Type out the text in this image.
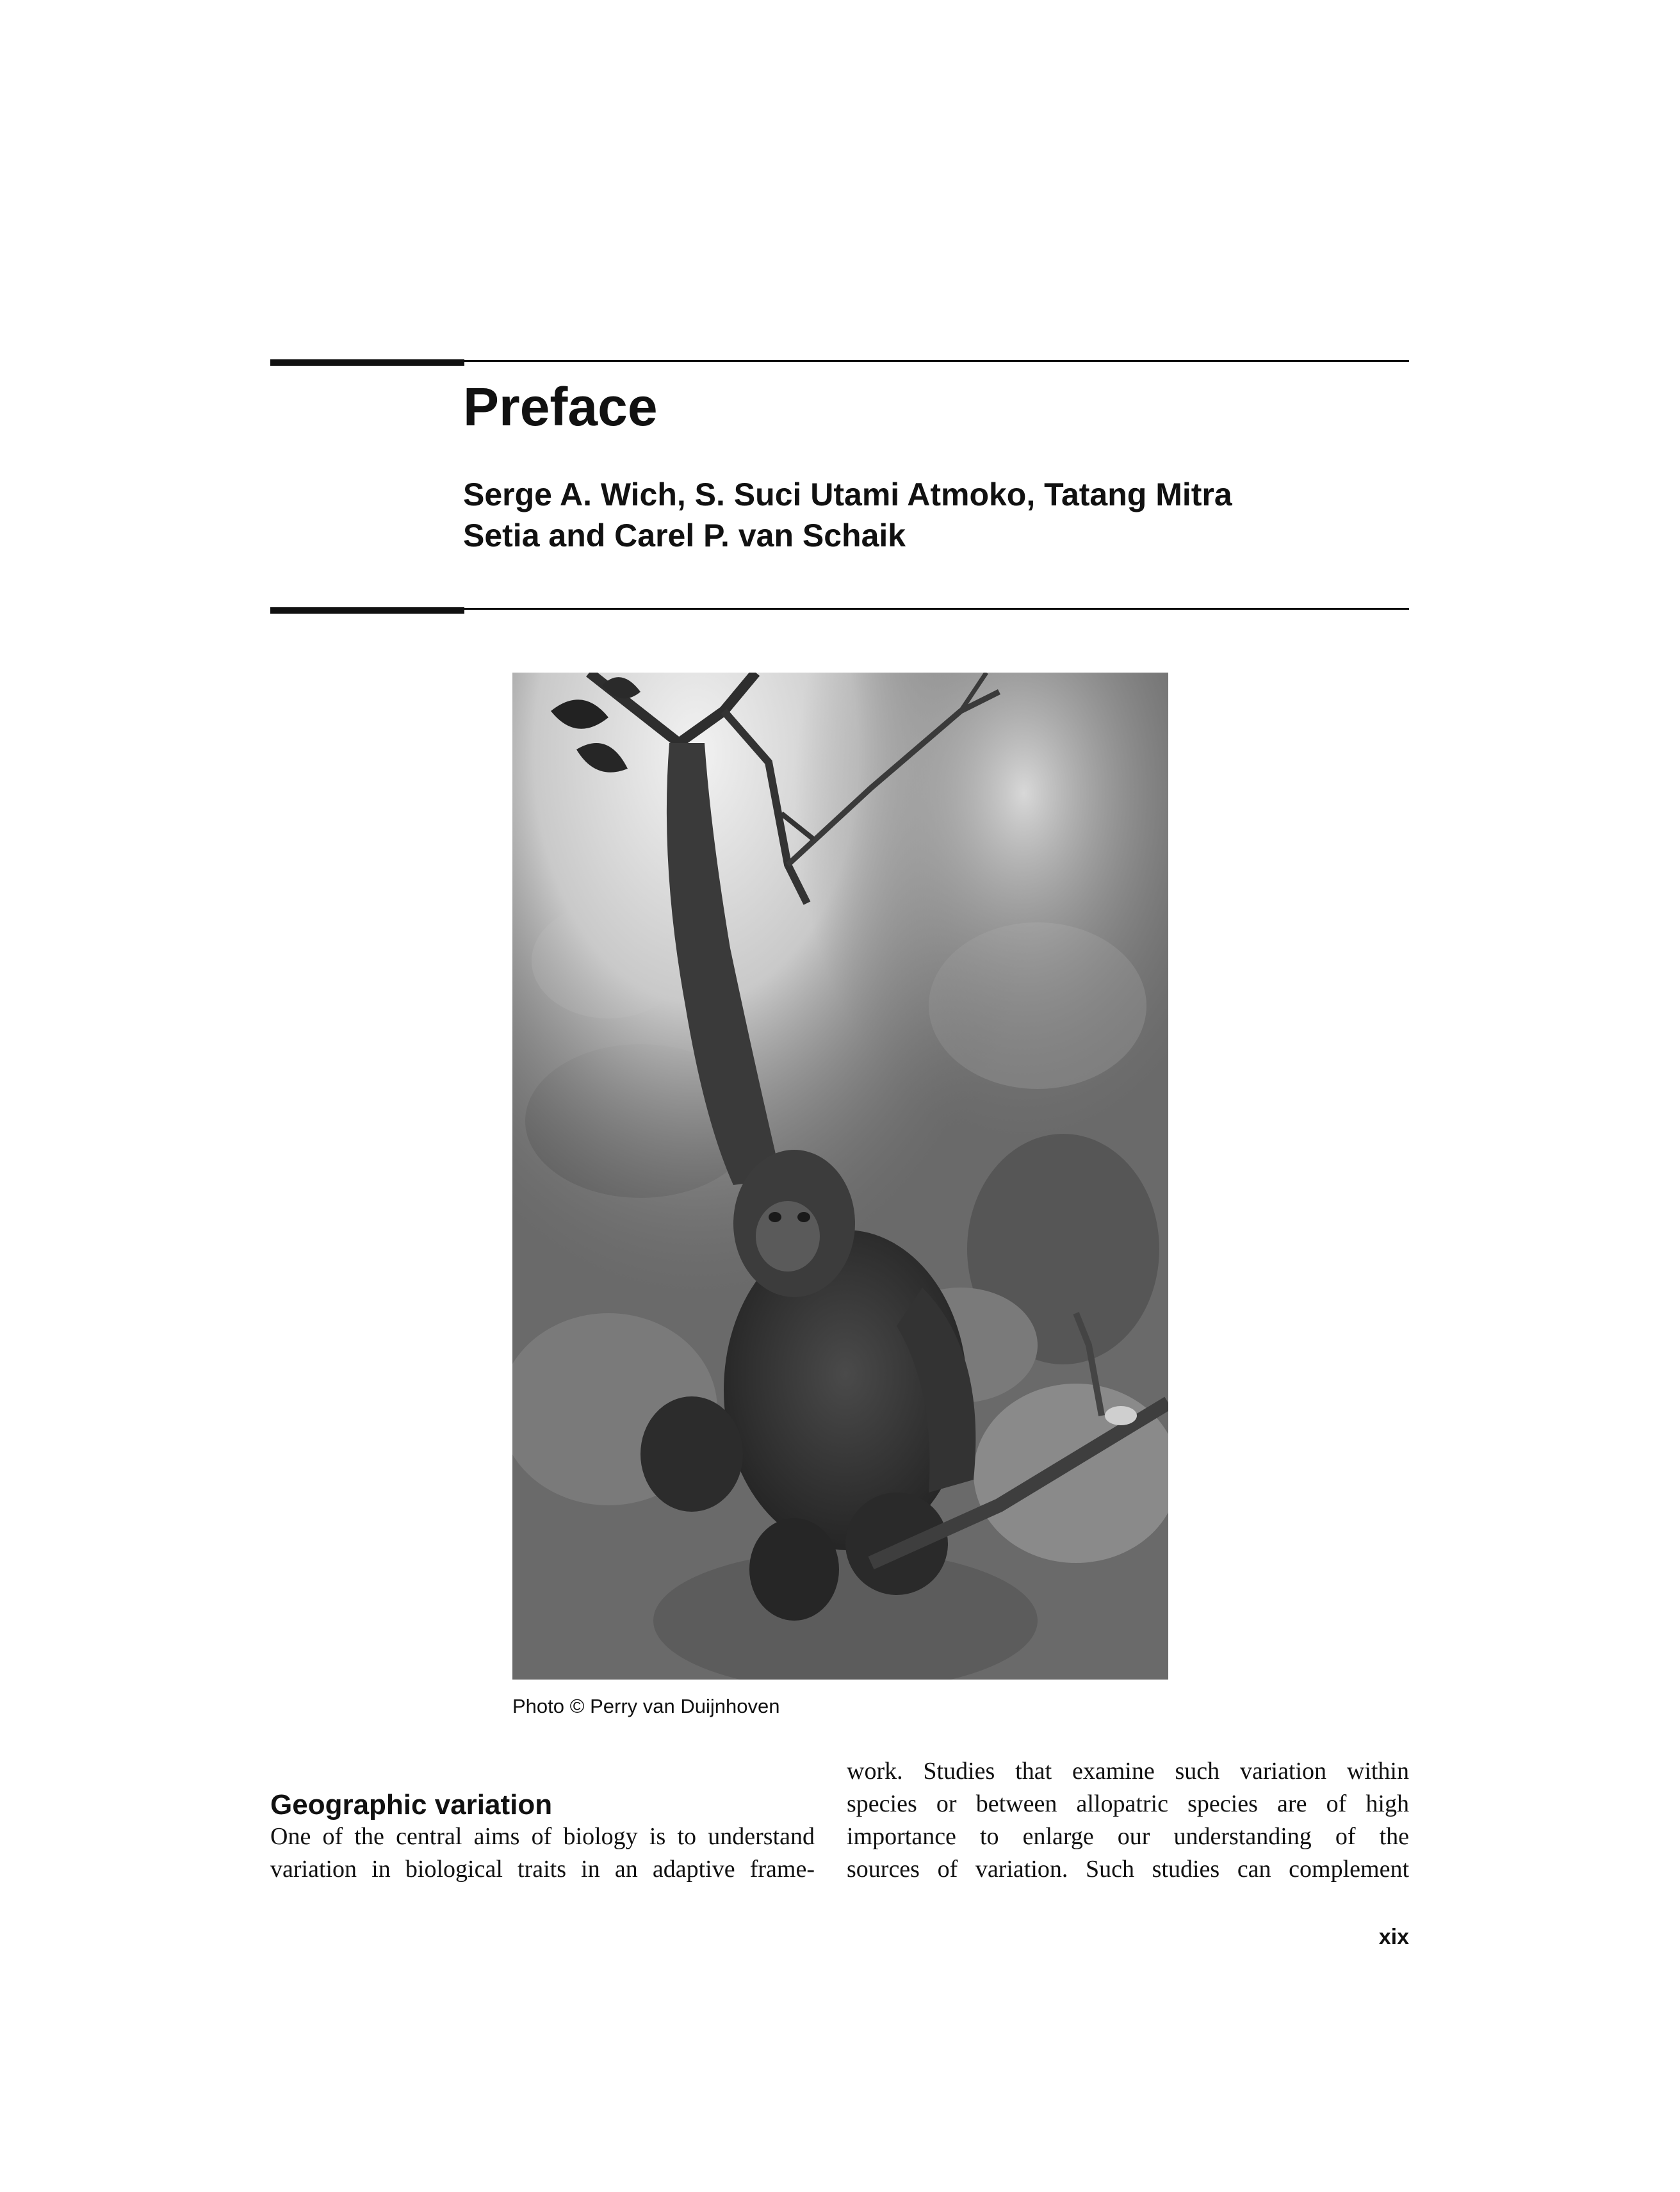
Preface
Serge A. Wich, S. Suci Utami Atmoko, Tatang Mitra
Setia and Carel P. van Schaik
Photo © Perry van Duijnhoven
Geographic variation
One of the central aims of biology is to understand
variation in biological traits in an adaptive frame-
work. Studies that examine such variation within
species or between allopatric species are of high
importance to enlarge our understanding of the
sources of variation. Such studies can complement
xix
